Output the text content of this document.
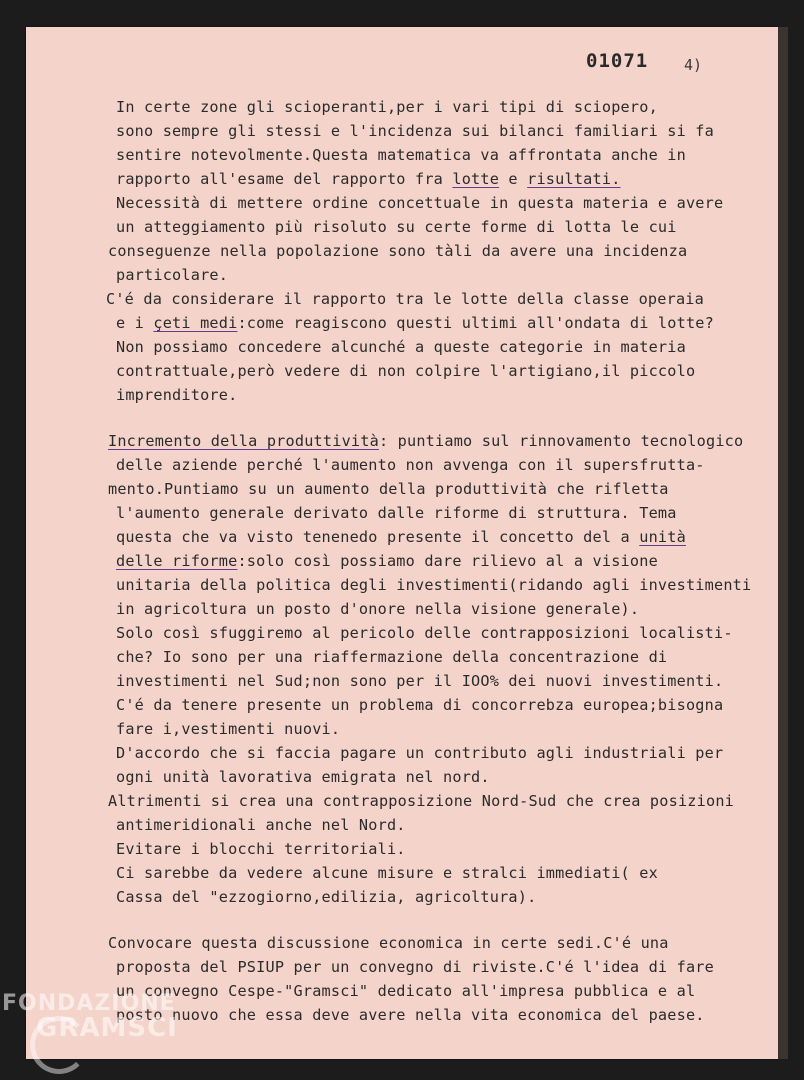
01071 4)
In certe zone gli scioperanti,per i vari tipi di sciopero,
sono sempre gli stessi e l'incidenza sui bilanci familiari si fa
sentire notevolmente.Questa matematica va affrontata anche in
rapporto all'esame del rapporto fra lotte e risultati.
Necessità di mettere ordine concettuale in questa materia e avere
un atteggiamento più risoluto su certe forme di lotta le cui
conseguenze nella popolazione sono tàli da avere una incidenza
particolare.
C'é da considerare il rapporto tra le lotte della classe operaia
e i çeti medi:come reagiscono questi ultimi all'ondata di lotte?
Non possiamo concedere alcunché a queste categorie in materia
contrattuale,però vedere di non colpire l'artigiano,il piccolo
imprenditore.
Incremento della produttività: puntiamo sul rinnovamento tecnologico
delle aziende perché l'aumento non avvenga con il supersfrutta-
mento.Puntiamo su un aumento della produttività che rifletta
l'aumento generale derivato dalle riforme di struttura. Tema
questa che va visto tenenedo presente il concetto del a unità
delle riforme:solo così possiamo dare rilievo al a visione
unitaria della politica degli investimenti(ridando agli investimenti
in agricoltura un posto d'onore nella visione generale).
Solo così sfuggiremo al pericolo delle contrapposizioni localisti-
che? Io sono per una riaffermazione della concentrazione di
investimenti nel Sud;non sono per il IOO% dei nuovi investimenti.
C'é da tenere presente un problema di concorrebza europea;bisogna
fare i,vestimenti nuovi.
D'accordo che si faccia pagare un contributo agli industriali per
ogni unità lavorativa emigrata nel nord.
Altrimenti si crea una contrapposizione Nord-Sud che crea posizioni
antimeridionali anche nel Nord.
Evitare i blocchi territoriali.
Ci sarebbe da vedere alcune misure e stralci immediati( ex
Cassa del "ezzogiorno,edilizia, agricoltura).
Convocare questa discussione economica in certe sedi.C'é una
proposta del PSIUP per un convegno di riviste.C'é l'idea di fare
un convegno Cespe-"Gramsci" dedicato all'impresa pubblica e al
posto nuovo che essa deve avere nella vita economica del paese.
FONDAZIONE
GRAMSCI
